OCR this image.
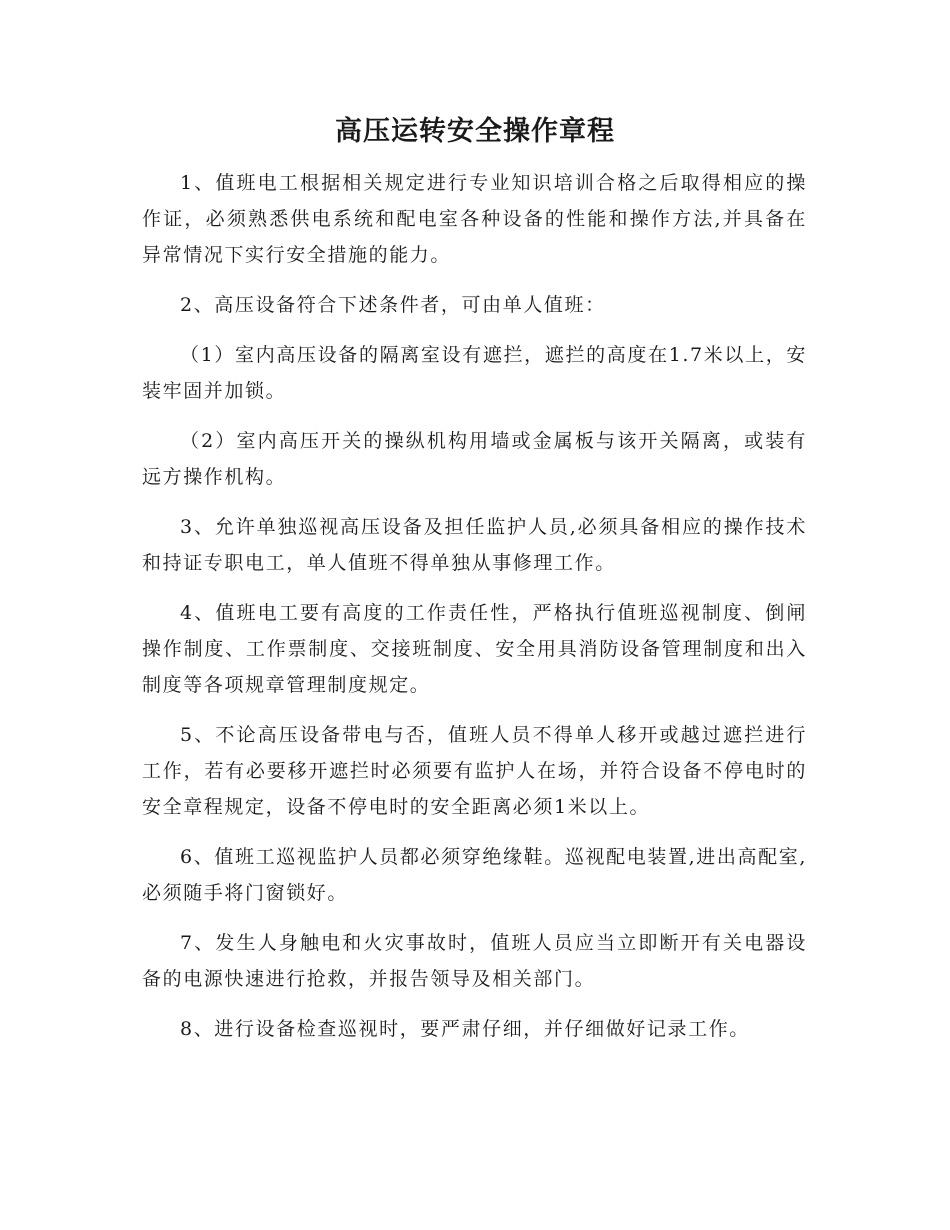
高压运转安全操作章程

1、值班电工根据相关规定进行专业知识培训合格之后取得相应的操作证，必须熟悉供电系统和配电室各种设备的性能和操作方法,并具备在异常情况下实行安全措施的能力。

2、高压设备符合下述条件者，可由单人值班：

（1）室内高压设备的隔离室设有遮拦，遮拦的高度在1.7米以上，安装牢固并加锁。

（2）室内高压开关的操纵机构用墙或金属板与该开关隔离，或装有远方操作机构。

3、允许单独巡视高压设备及担任监护人员,必须具备相应的操作技术和持证专职电工，单人值班不得单独从事修理工作。

4、值班电工要有高度的工作责任性，严格执行值班巡视制度、倒闸操作制度、工作票制度、交接班制度、安全用具消防设备管理制度和出入制度等各项规章管理制度规定。

5、不论高压设备带电与否，值班人员不得单人移开或越过遮拦进行工作，若有必要移开遮拦时必须要有监护人在场，并符合设备不停电时的安全章程规定，设备不停电时的安全距离必须1米以上。

6、值班工巡视监护人员都必须穿绝缘鞋。巡视配电装置,进出高配室,必须随手将门窗锁好。

7、发生人身触电和火灾事故时，值班人员应当立即断开有关电器设备的电源快速进行抢救，并报告领导及相关部门。

8、进行设备检查巡视时，要严肃仔细，并仔细做好记录工作。
